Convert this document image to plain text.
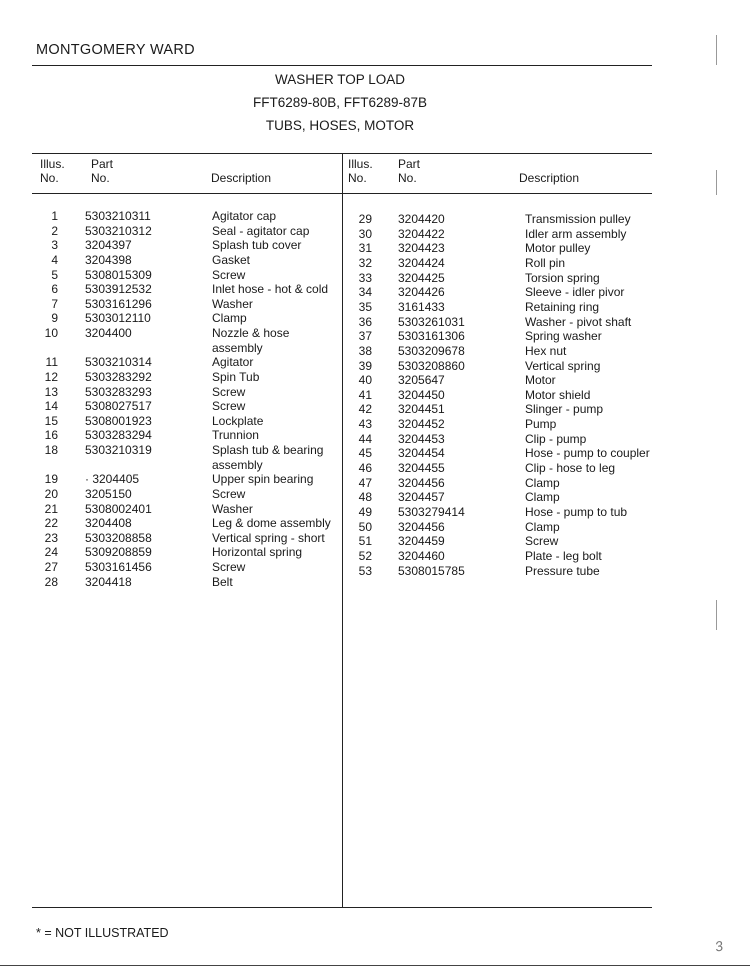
MONTGOMERY WARD
WASHER TOP LOAD
FFT6289-80B, FFT6289-87B
TUBS, HOSES, MOTOR
Illus.
No.
Part
No.	Description
Illus.
No.
Part
No.	Description
1 5303210311	Agitator cap
2 5303210312	Seal - agitator cap
3 3204397	Splash tub cover
4 3204398	Gasket
5 5308015309	Screw
6 5303912532	Inlet hose - hot & cold
7 5303161296	Washer
9 5303012110	Clamp
10 3204400	Nozzle & hose
assembly
11 5303210314	Agitator
12 5303283292	Spin Tub
13 5303283293	Screw
14 5308027517	Screw
15 5308001923	Lockplate
16 5303283294	Trunnion
18 5303210319	Splash tub & bearing
assembly
19 · 3204405	Upper spin bearing
20 3205150	Screw
21 5308002401	Washer
22 3204408	Leg & dome assembly
23 5303208858	Vertical spring - short
24 5309208859	Horizontal spring
27 5303161456	Screw
28 3204418	Belt
29 3204420	Transmission pulley
30 3204422	Idler arm assembly
31 3204423	Motor pulley
32 3204424	Roll pin
33 3204425	Torsion spring
34 3204426	Sleeve - idler pivor
35 3161433	Retaining ring
36 5303261031	Washer - pivot shaft
37 5303161306	Spring washer
38 5303209678	Hex nut
39 5303208860	Vertical spring
40 3205647	Motor
41 3204450	Motor shield
42 3204451	Slinger - pump
43 3204452	Pump
44 3204453	Clip - pump
45 3204454	Hose - pump to coupler
46 3204455	Clip - hose to leg
47 3204456	Clamp
48 3204457	Clamp
49 5303279414	Hose - pump to tub
50 3204456	Clamp
51 3204459	Screw
52 3204460	Plate - leg bolt
53 5308015785	Pressure tube
* = NOT ILLUSTRATED
3
